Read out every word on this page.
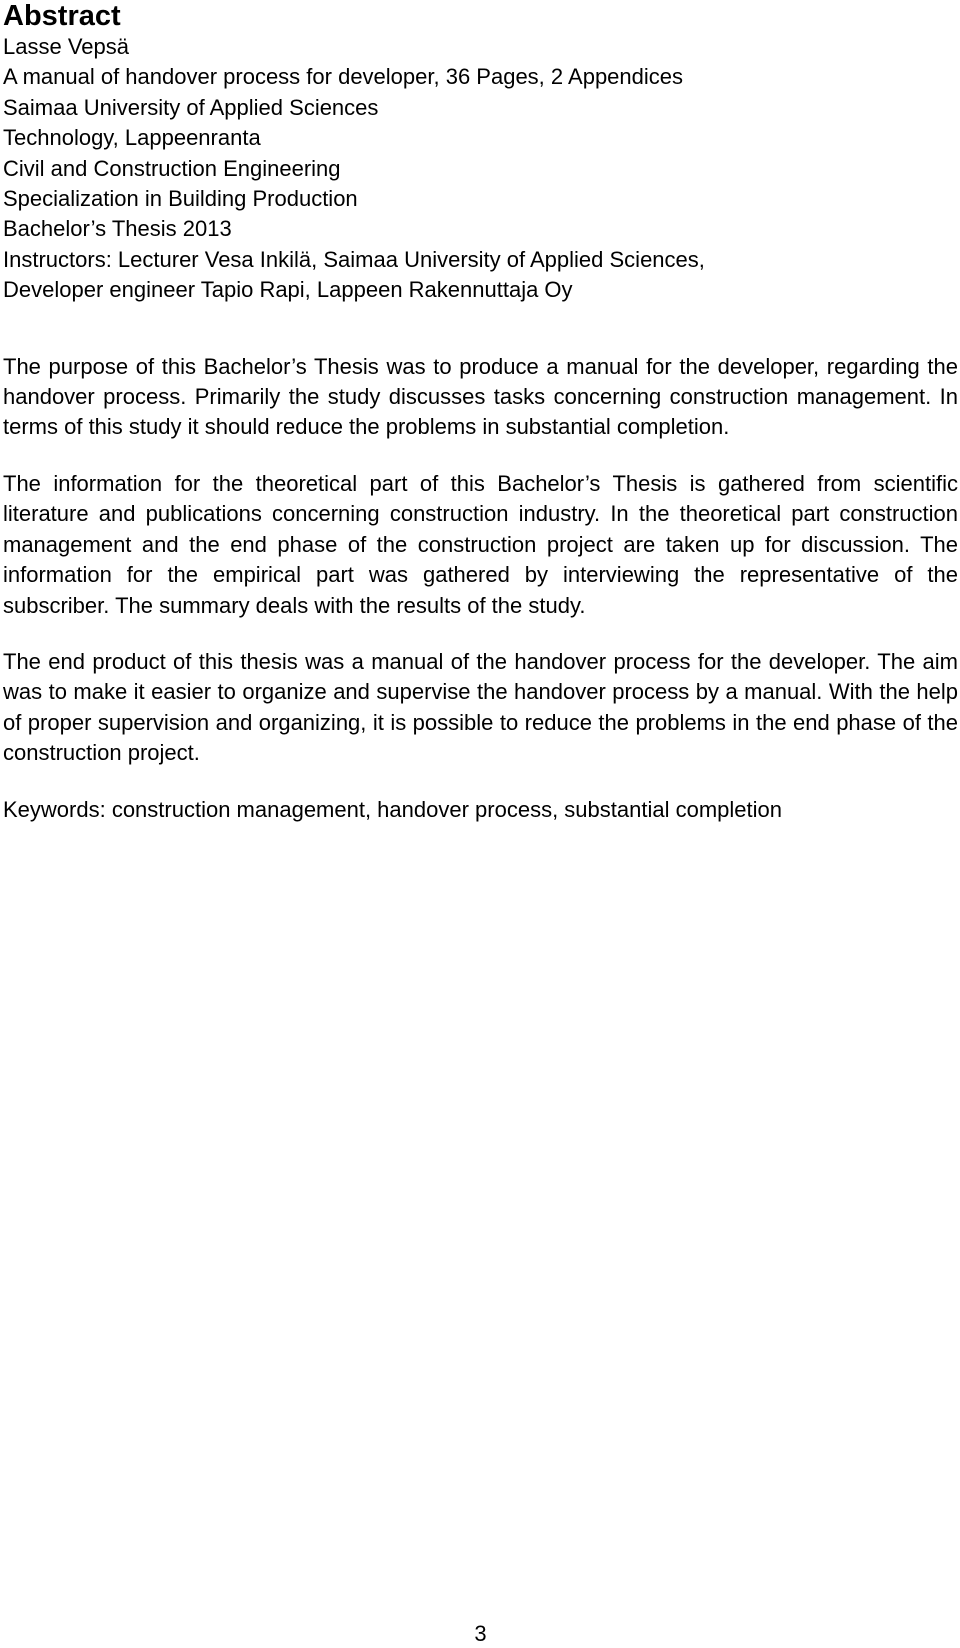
Abstract
Lasse Vepsä
A manual of handover process for developer, 36 Pages, 2 Appendices
Saimaa University of Applied Sciences
Technology, Lappeenranta
Civil and Construction Engineering
Specialization in Building Production
Bachelor’s Thesis 2013
Instructors: Lecturer Vesa Inkilä, Saimaa University of Applied Sciences,
Developer engineer Tapio Rapi, Lappeen Rakennuttaja Oy

The purpose of this Bachelor’s Thesis was to produce a manual for the developer, regarding the handover process. Primarily the study discusses tasks concerning construction management. In terms of this study it should reduce the problems in substantial completion.

The information for the theoretical part of this Bachelor’s Thesis is gathered from scientific literature and publications concerning construction industry. In the theoretical part construction management and the end phase of the construction project are taken up for discussion. The information for the empirical part was gathered by interviewing the representative of the subscriber. The summary deals with the results of the study.

The end product of this thesis was a manual of the handover process for the developer. The aim was to make it easier to organize and supervise the handover process by a manual. With the help of proper supervision and organizing, it is possible to reduce the problems in the end phase of the construction project.

Keywords: construction management, handover process, substantial completion

3
